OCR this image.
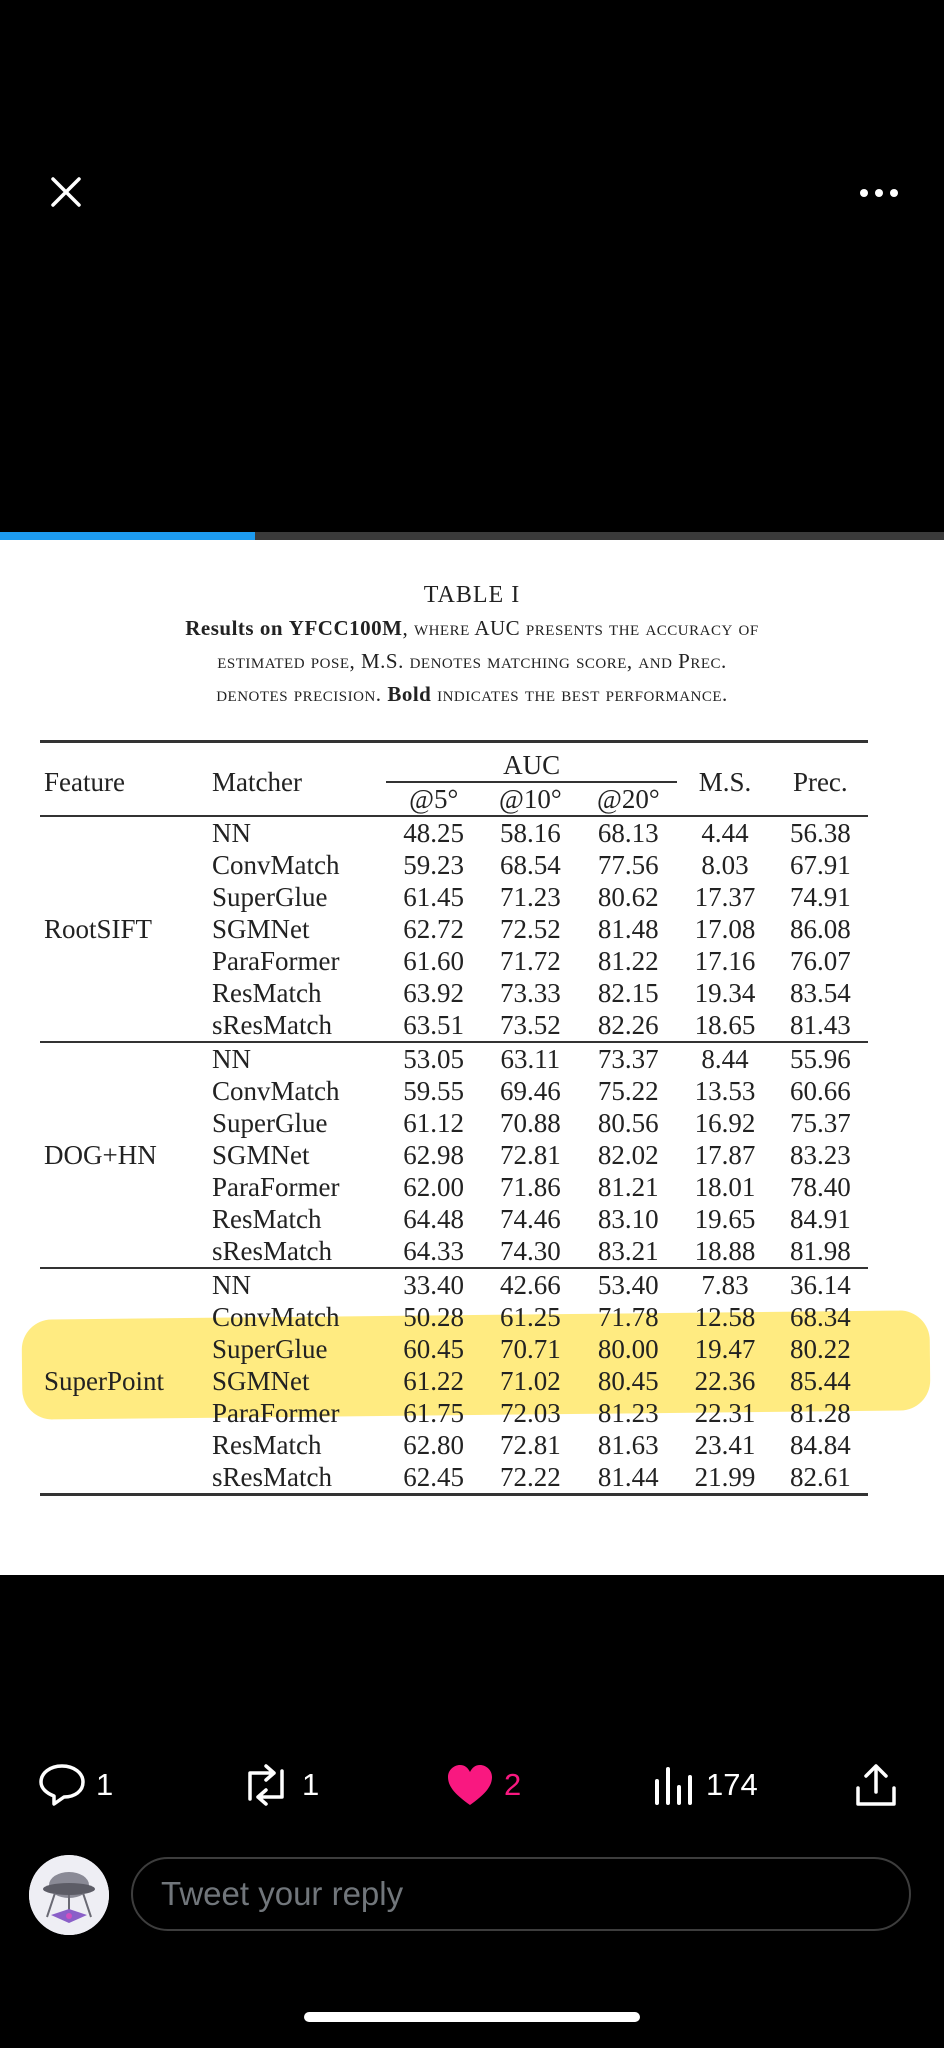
TABLE I
Results on YFCC100M, where AUC presents the accuracy of
estimated pose, M.S. denotes matching score, and Prec.
denotes precision. Bold indicates the best performance.
Feature	Matcher	AUC			M.S.	Prec.
		@5°	@10°	@20°		
RootSIFT	NN	48.25	58.16	68.13	4.44	56.38
	ConvMatch	59.23	68.54	77.56	8.03	67.91
	SuperGlue	61.45	71.23	80.62	17.37	74.91
	SGMNet	62.72	72.52	81.48	17.08	86.08
	ParaFormer	61.60	71.72	81.22	17.16	76.07
	ResMatch	63.92	73.33	82.15	19.34	83.54
	sResMatch	63.51	73.52	82.26	18.65	81.43
DOG+HN	NN	53.05	63.11	73.37	8.44	55.96
	ConvMatch	59.55	69.46	75.22	13.53	60.66
	SuperGlue	61.12	70.88	80.56	16.92	75.37
	SGMNet	62.98	72.81	82.02	17.87	83.23
	ParaFormer	62.00	71.86	81.21	18.01	78.40
	ResMatch	64.48	74.46	83.10	19.65	84.91
	sResMatch	64.33	74.30	83.21	18.88	81.98
SuperPoint	NN	33.40	42.66	53.40	7.83	36.14
	ConvMatch	50.28	61.25	71.78	12.58	68.34
	SuperGlue	60.45	70.71	80.00	19.47	80.22
	SGMNet	61.22	71.02	80.45	22.36	85.44
	ParaFormer	61.75	72.03	81.23	22.31	81.28
	ResMatch	62.80	72.81	81.63	23.41	84.84
	sResMatch	62.45	72.22	81.44	21.99	82.61
1	1	2	174
Tweet your reply
